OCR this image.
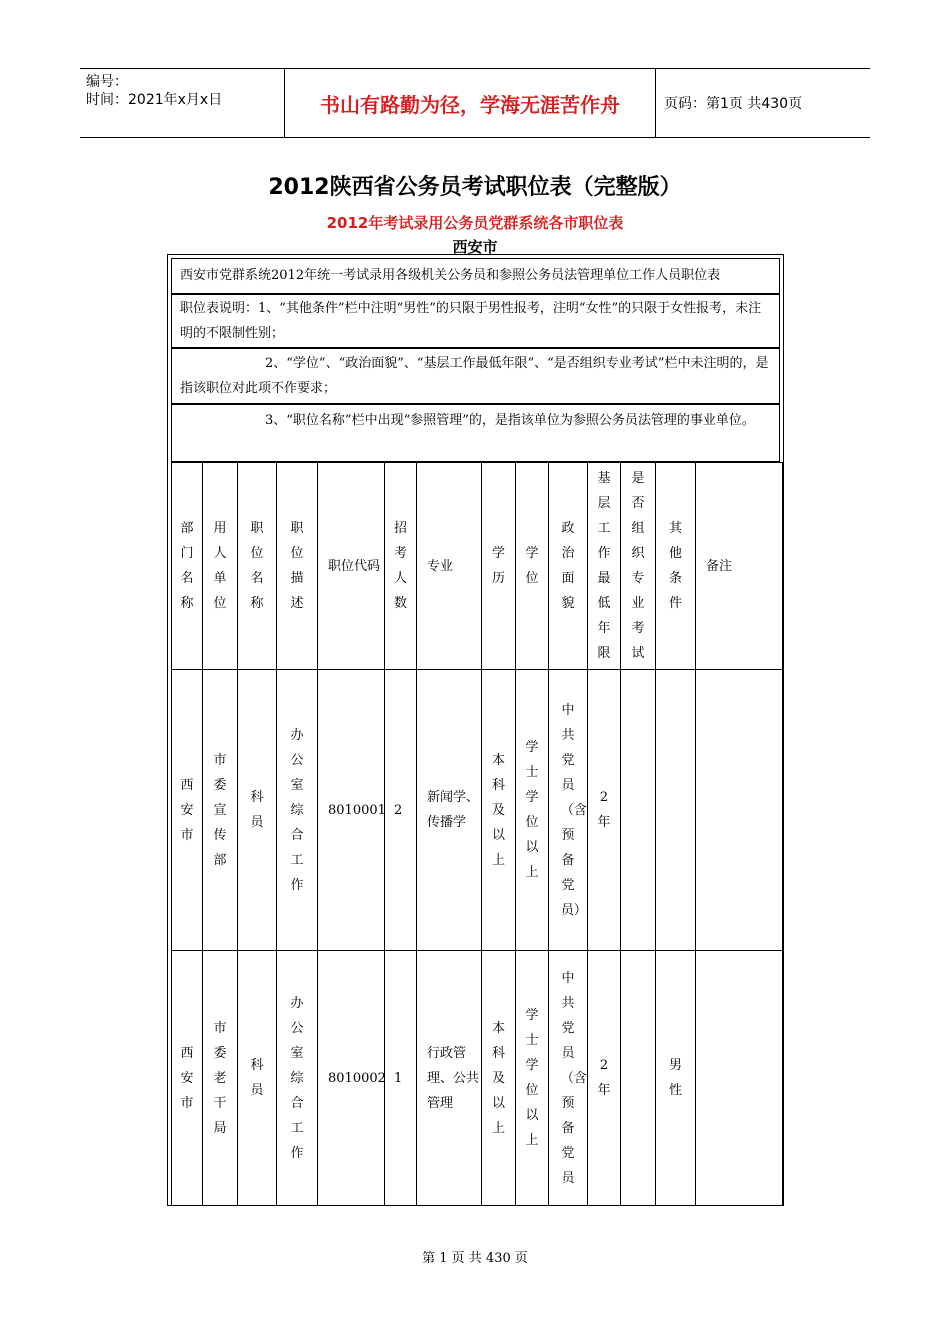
编号：
时间：2021年x月x日	书山有路勤为径，学海无涯苦作舟	页码：第1页 共430页
2012陕西省公务员考试职位表（完整版）
2012年考试录用公务员党群系统各市职位表
西安市
西安市党群系统2012年统一考试录用各级机关公务员和参照公务员法管理单位工作人员职位表
职位表说明：1、“其他条件”栏中注明“男性”的只限于男性报考，注明“女性”的只限于女性报考，未注明的不限制性别；
2、“学位”、“政治面貌”、“基层工作最低年限”、“是否组织专业考试”栏中未注明的，是指该职位对此项不作要求；
3、“职位名称”栏中出现“参照管理”的，是指该单位为参照公务员法管理的事业单位。
部门名称	用人单位	职位名称	职位描述	职位代码	招考人数	专业	学历	学位	政治面貌	基层工作最低年限	是否组织专业考试	其他条件	备注
西安市	市委宣传部	科员	办公室综合工作	8010001	2	新闻学、传播学	本科及以上	学士学位以上	中共党员（含预备党员）	2年			
西安市	市委老干局	科员	办公室综合工作	8010002	1	行政管理、公共管理	本科及以上	学士学位以上	中共党员（含预备党员	2年		男性	
第 1 页 共 430 页
